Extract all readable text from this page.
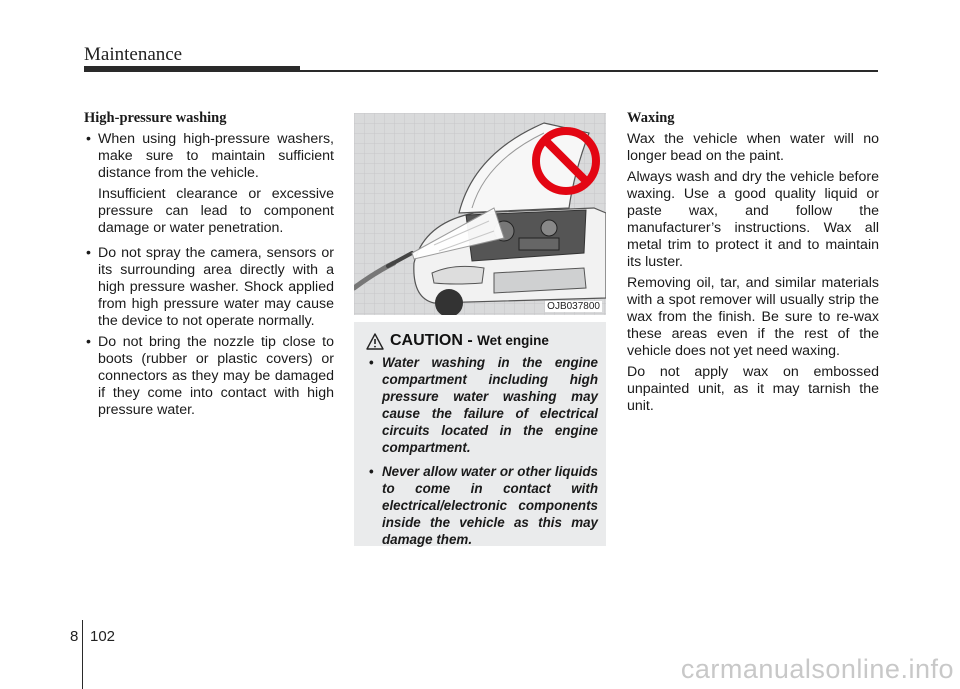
Maintenance
High-pressure washing
• When using high-pressure washers, make sure to maintain sufficient distance from the vehicle.
Insufficient clearance or excessive pressure can lead to component damage or water penetration.
• Do not spray the camera, sensors or its surrounding area directly with a high pressure washer. Shock applied from high pressure water may cause the device to not operate normally.
• Do not bring the nozzle tip close to boots (rubber or plastic covers) or connectors as they may be damaged if they come into contact with high pressure water.
OJB037800
CAUTION - Wet engine
• Water washing in the engine compartment including high pressure water washing may cause the failure of electrical circuits located in the engine compartment.
• Never allow water or other liquids to come in contact with electrical/electronic components inside the vehicle as this may damage them.
Waxing
Wax the vehicle when water will no longer bead on the paint.
Always wash and dry the vehicle before waxing. Use a good quality liquid or paste wax, and follow the manufacturer’s instructions. Wax all metal trim to protect it and to maintain its luster.
Removing oil, tar, and similar materials with a spot remover will usually strip the wax from the finish. Be sure to re-wax these areas even if the rest of the vehicle does not yet need waxing.
Do not apply wax on embossed unpainted unit, as it may tarnish the unit.
8 102
carmanualsonline.info
